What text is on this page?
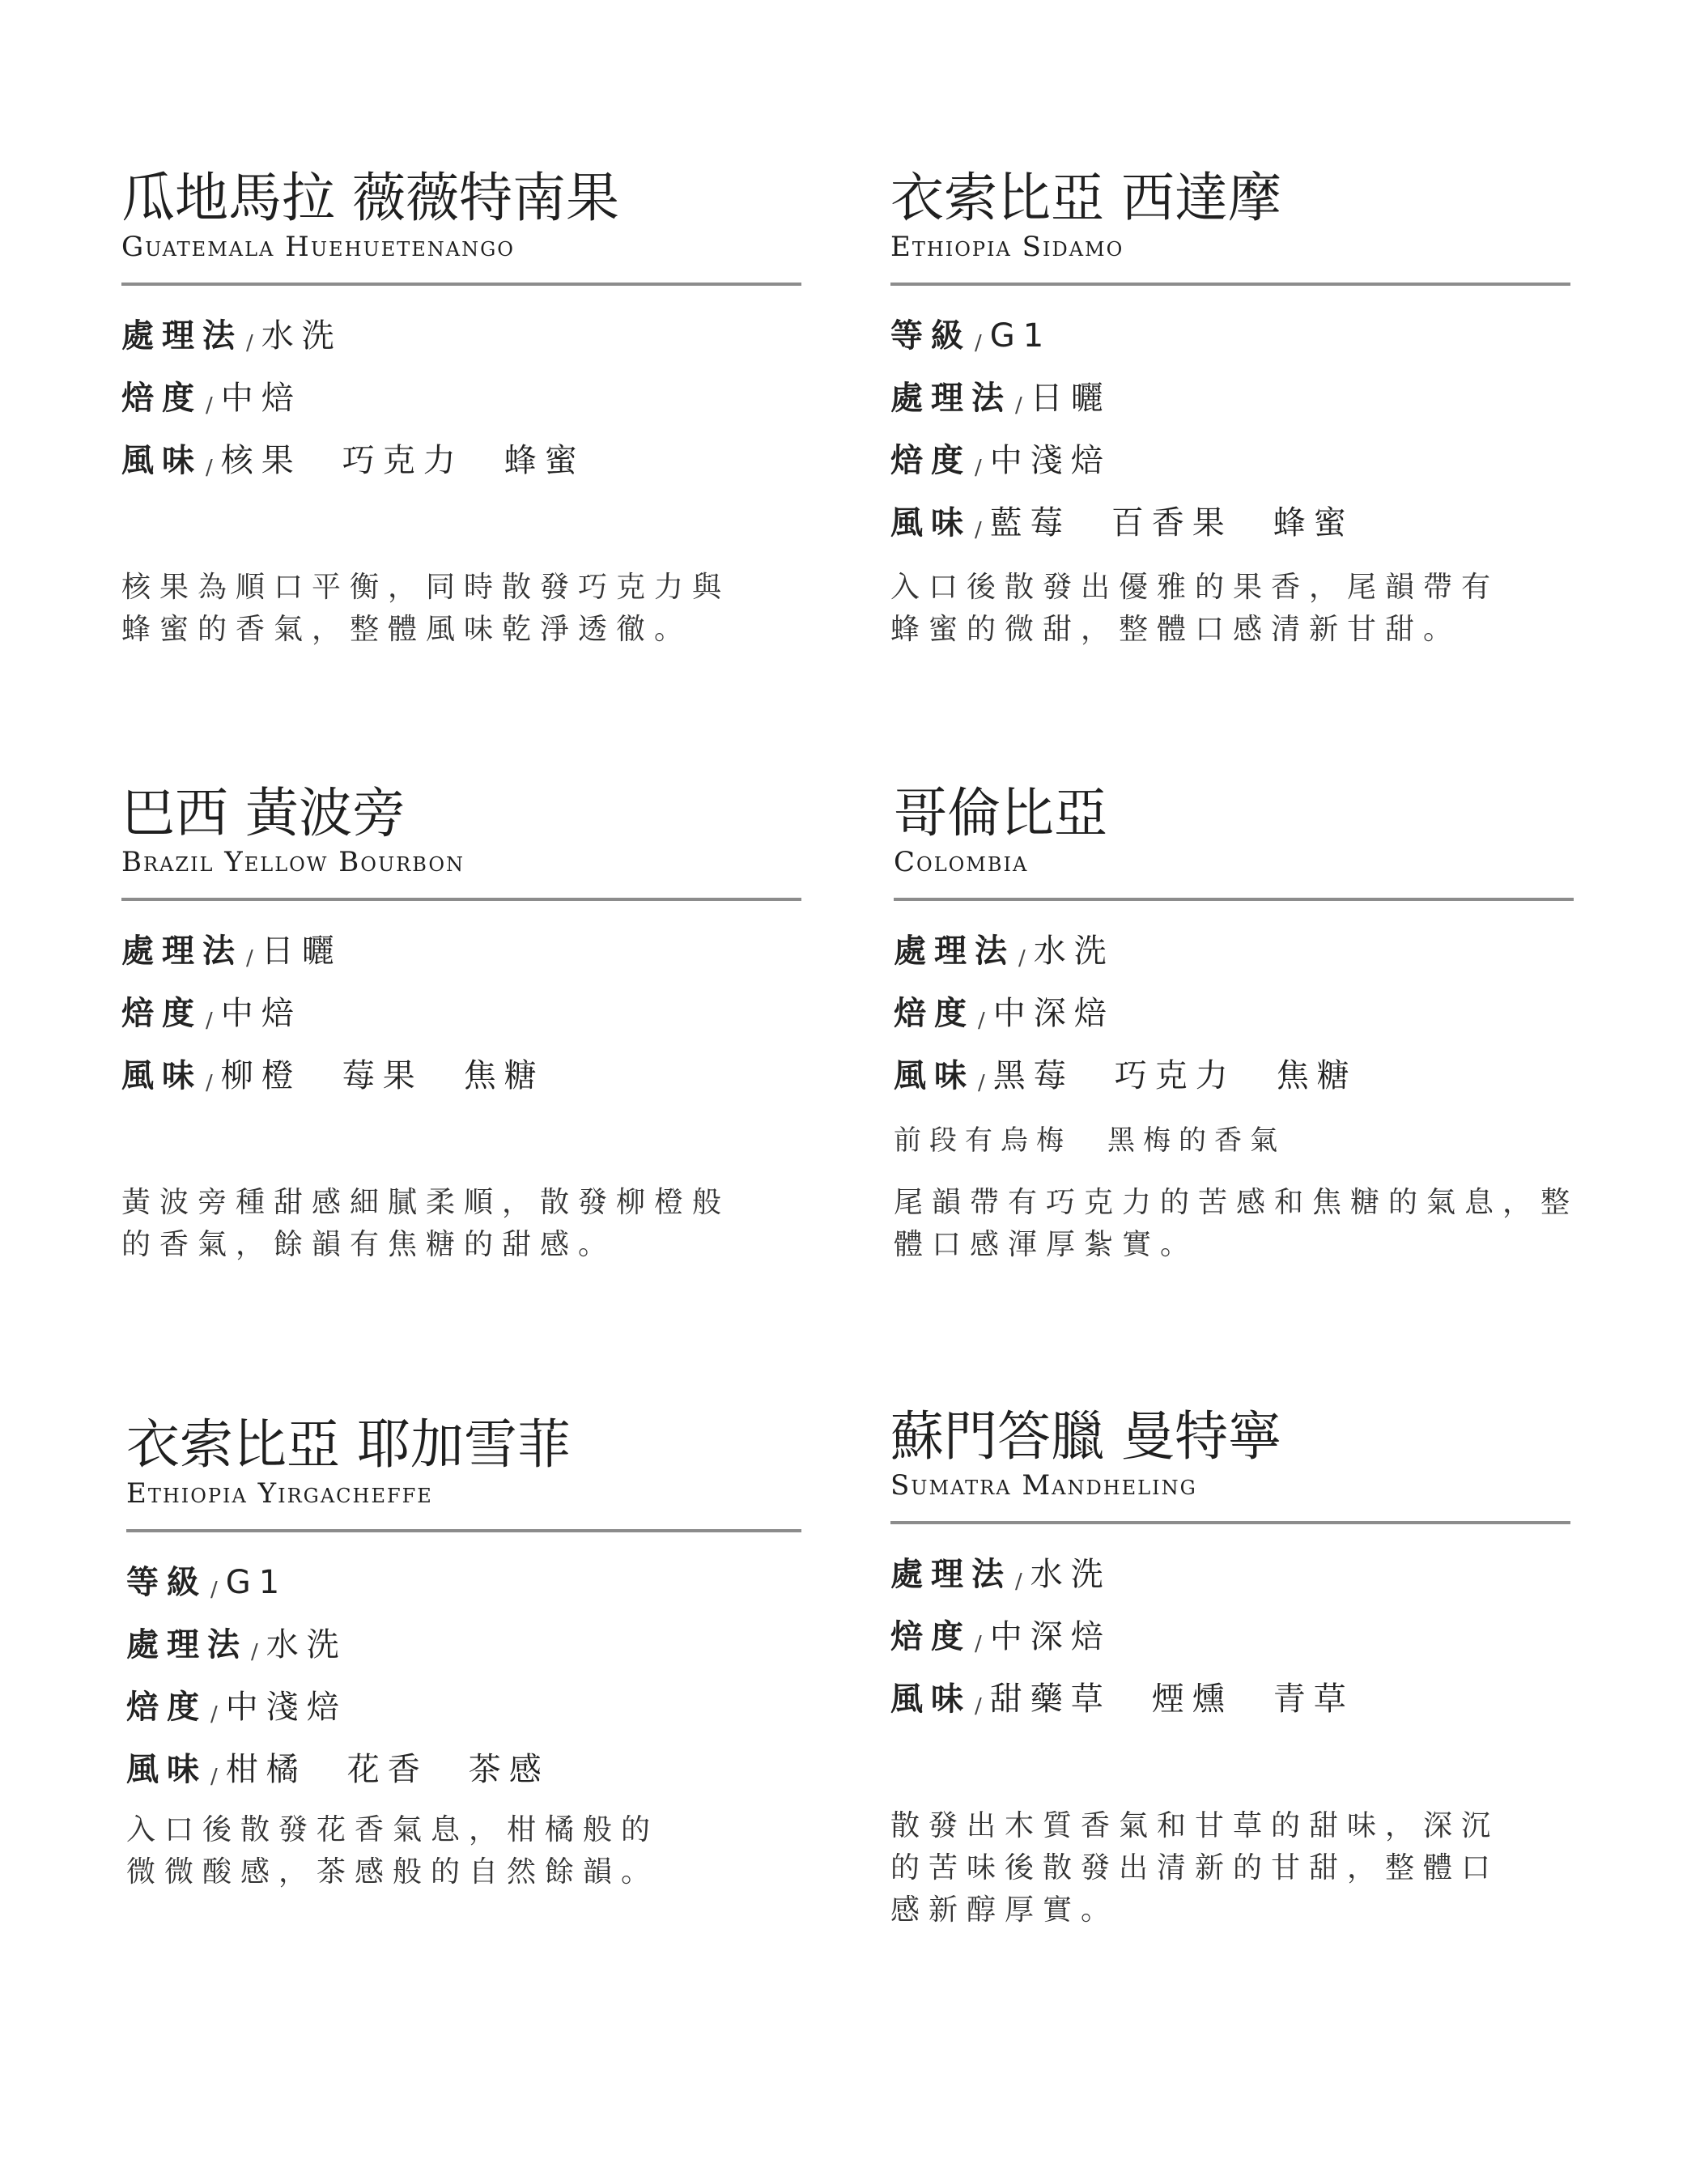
瓜地馬拉 薇薇特南果
Guatemala Huehuetenango
處理法 / 水洗
焙度 / 中焙
風味 / 核果　巧克力　蜂蜜
核果為順口平衡，同時散發巧克力與
蜂蜜的香氣，整體風味乾淨透徹。
衣索比亞 西達摩
Ethiopia Sidamo
等級 / G1
處理法 / 日曬
焙度 / 中淺焙
風味 / 藍莓　百香果　蜂蜜
入口後散發出優雅的果香，尾韻帶有
蜂蜜的微甜，整體口感清新甘甜。
巴西 黃波旁
Brazil Yellow Bourbon
處理法 / 日曬
焙度 / 中焙
風味 / 柳橙　莓果　焦糖
黃波旁種甜感細膩柔順，散發柳橙般
的香氣，餘韻有焦糖的甜感。
哥倫比亞
Colombia
處理法 / 水洗
焙度 / 中深焙
風味 / 黑莓　巧克力　焦糖
前段有烏梅　黑梅的香氣
尾韻帶有巧克力的苦感和焦糖的氣息，整
體口感渾厚紮實。
衣索比亞 耶加雪菲
Ethiopia Yirgacheffe
等級 / G1
處理法 / 水洗
焙度 / 中淺焙
風味 / 柑橘　花香　茶感
入口後散發花香氣息，柑橘般的
微微酸感，茶感般的自然餘韻。
蘇門答臘 曼特寧
Sumatra Mandheling
處理法 / 水洗
焙度 / 中深焙
風味 / 甜藥草　煙燻　青草
散發出木質香氣和甘草的甜味，深沉
的苦味後散發出清新的甘甜，整體口
感新醇厚實。
